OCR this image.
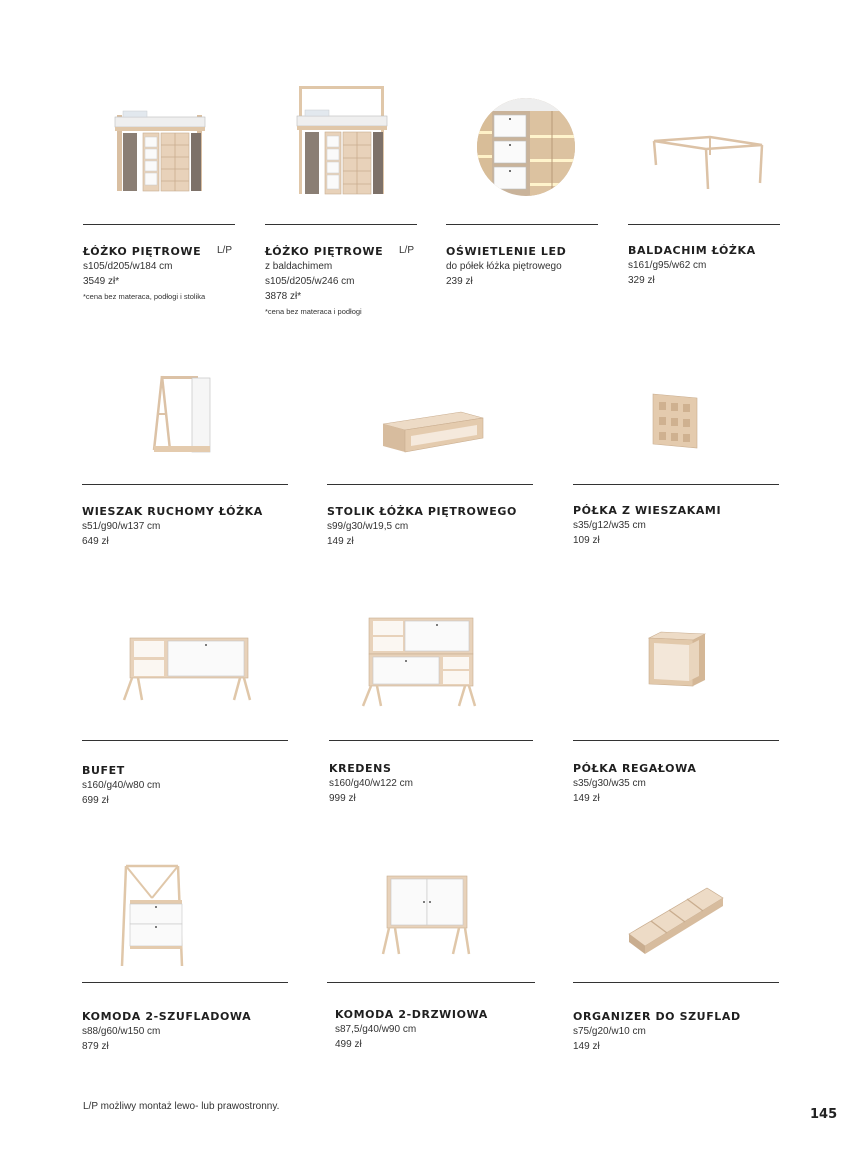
ŁÓŻKO PIĘTROWE
s105/d205/w184 cm
3549 zł*
*cena bez materaca, podłogi i stolika
L/P	ŁÓŻKO PIĘTROWE
z baldachimem
s105/d205/w246 cm
3878 zł*
*cena bez materaca i podłogi
L/P	OŚWIETLENIE LED
do półek łóżka piętrowego
239 zł
BALDACHIM ŁÓŻKA
s161/g95/w62 cm
329 zł
WIESZAK RUCHOMY ŁÓŻKA
s51/g90/w137 cm
649 zł
STOLIK ŁÓŻKA PIĘTROWEGO
s99/g30/w19,5 cm
149 zł
PÓŁKA Z WIESZAKAMI
s35/g12/w35 cm
109 zł
BUFET
s160/g40/w80 cm
699 zł
KREDENS
s160/g40/w122 cm
999 zł
PÓŁKA REGAŁOWA
s35/g30/w35 cm
149 zł
KOMODA 2-SZUFLADOWA
s88/g60/w150 cm
879 zł
KOMODA 2-DRZWIOWA
s87,5/g40/w90 cm
499 zł
ORGANIZER DO SZUFLAD
s75/g20/w10 cm
149 zł
L/P możliwy montaż lewo- lub prawostronny.
145
